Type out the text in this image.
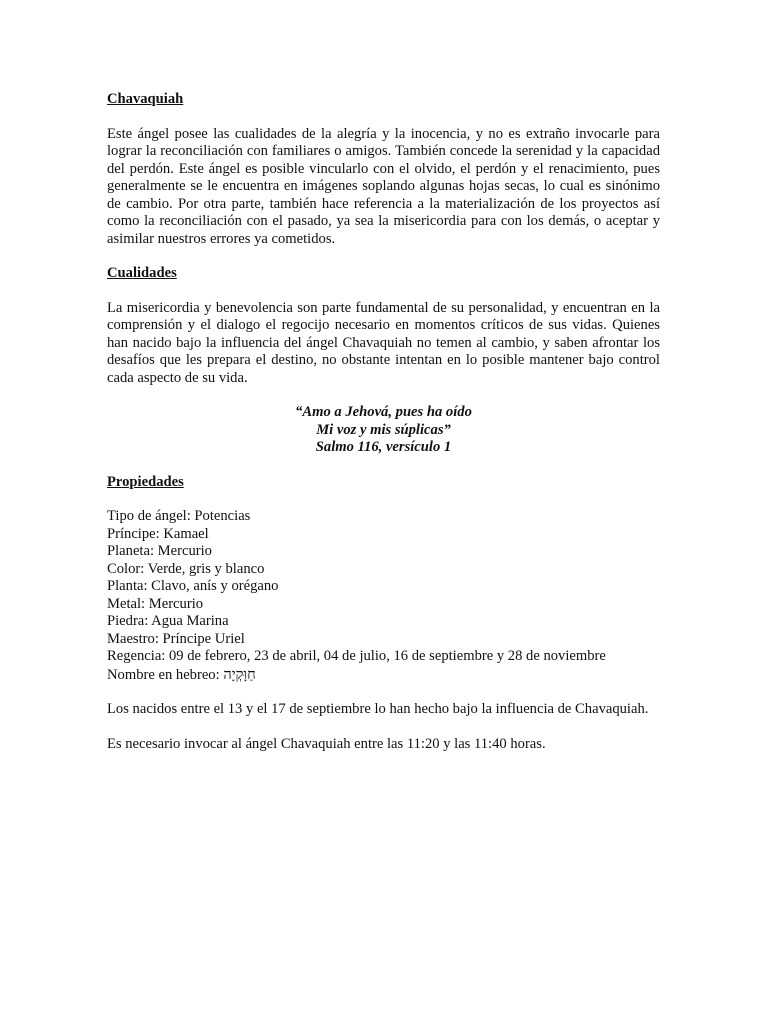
Chavaquiah

Este ángel posee las cualidades de la alegría y la inocencia, y no es extraño invocarle para lograr la reconciliación con familiares o amigos. También concede la serenidad y la capacidad del perdón. Este ángel es posible vincularlo con el olvido, el perdón y el renacimiento, pues generalmente se le encuentra en imágenes soplando algunas hojas secas, lo cual es sinónimo de cambio. Por otra parte, también hace referencia a la materialización de los proyectos así como la reconciliación con el pasado, ya sea la misericordia para con los demás, o aceptar y asimilar nuestros errores ya cometidos.

Cualidades

La misericordia y benevolencia son parte fundamental de su personalidad, y encuentran en la comprensión y el dialogo el regocijo necesario en momentos críticos de sus vidas. Quienes han nacido bajo la influencia del ángel Chavaquiah no temen al cambio, y saben afrontar los desafíos que les prepara el destino, no obstante intentan en lo posible mantener bajo control cada aspecto de su vida.

“Amo a Jehová, pues ha oído
Mi voz y mis súplicas”
Salmo 116, versículo 1

Propiedades

Tipo de ángel: Potencias
Príncipe: Kamael
Planeta: Mercurio
Color: Verde, gris y blanco
Planta: Clavo, anís y orégano
Metal: Mercurio
Piedra: Agua Marina
Maestro: Príncipe Uriel
Regencia: 09 de febrero, 23 de abril, 04 de julio, 16 de septiembre y 28 de noviembre
Nombre en hebreo: חַוָּקְיָה

Los nacidos entre el 13 y el 17 de septiembre lo han hecho bajo la influencia de Chavaquiah.

Es necesario invocar al ángel Chavaquiah entre las 11:20 y las 11:40 horas.
